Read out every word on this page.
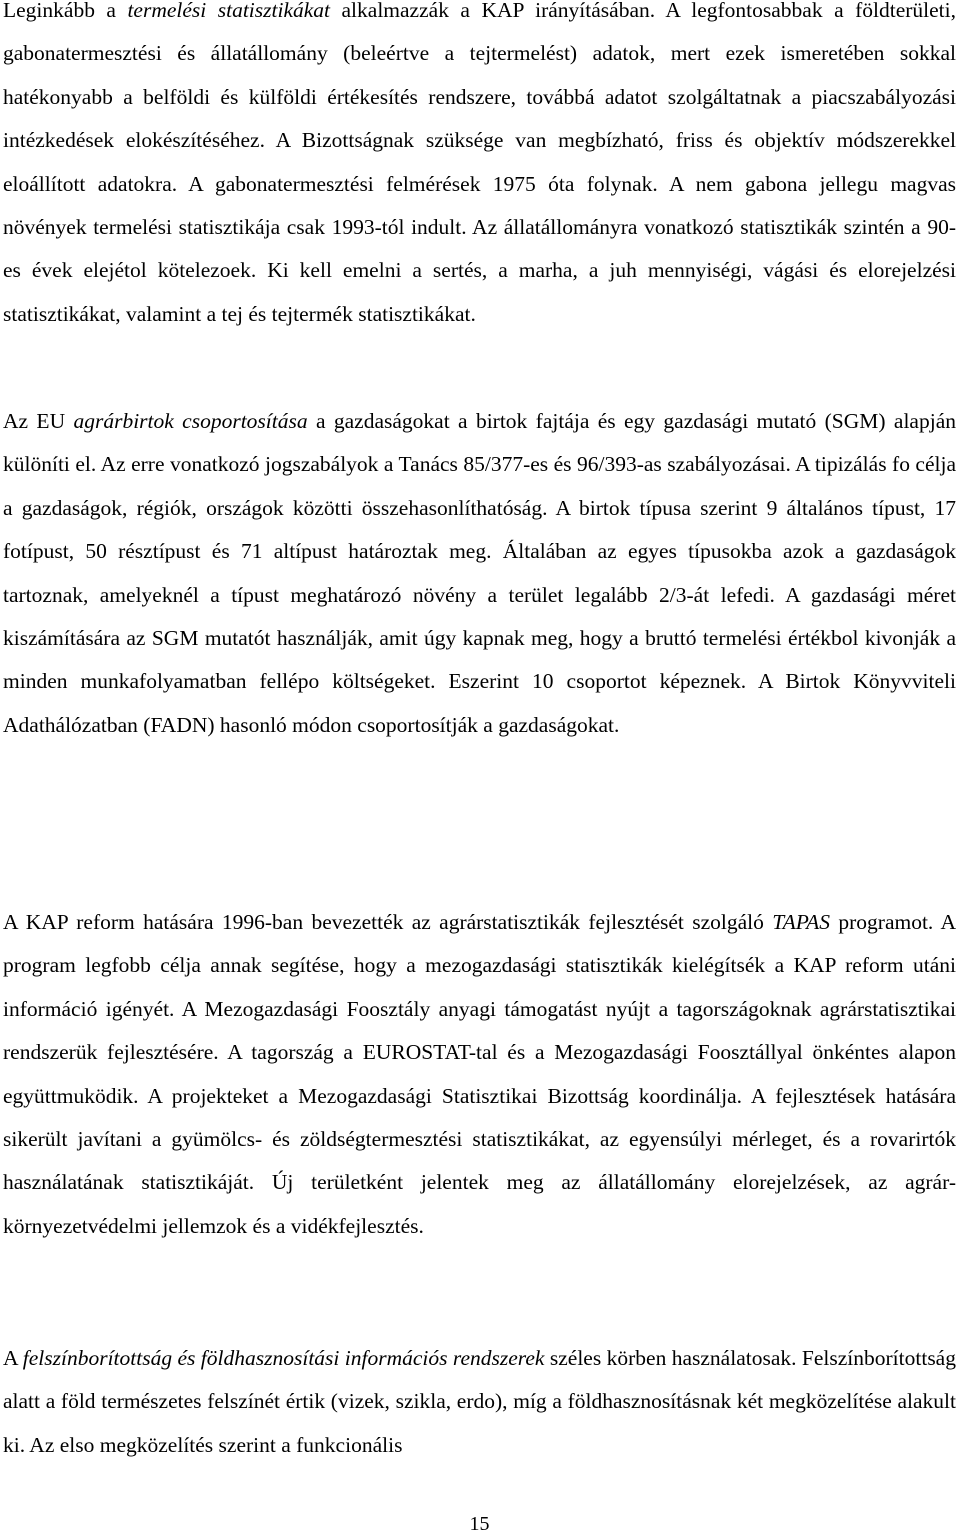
Leginkább a termelési statisztikákat alkalmazzák a KAP irányításában. A legfontosabbak a földterületi, gabonatermesztési és állatállomány (beleértve a tejtermelést) adatok, mert ezek ismeretében sokkal hatékonyabb a belföldi és külföldi értékesítés rendszere, továbbá adatot szolgáltatnak a piacszabályozási intézkedések elokészítéséhez. A Bizottságnak szüksége van megbízható, friss és objektív módszerekkel eloállított adatokra. A gabonatermesztési felmérések 1975 óta folynak. A nem gabona jellegu magvas növények termelési statisztikája csak 1993-tól indult. Az állatállományra vonatkozó statisztikák szintén a 90-es évek elejétol kötelezoek. Ki kell emelni a sertés, a marha, a juh mennyiségi, vágási és elorejelzési statisztikákat, valamint a tej és tejtermék statisztikákat.

Az EU agrárbirtok csoportosítása a gazdaságokat a birtok fajtája és egy gazdasági mutató (SGM) alapján különíti el. Az erre vonatkozó jogszabályok a Tanács 85/377-es és 96/393-as szabályozásai. A tipizálás fo célja a gazdaságok, régiók, országok közötti összehasonlíthatóság. A birtok típusa szerint 9 általános típust, 17 fotípust, 50 résztípust és 71 altípust határoztak meg. Általában az egyes típusokba azok a gazdaságok tartoznak, amelyeknél a típust meghatározó növény a terület legalább 2/3-át lefedi. A gazdasági méret kiszámítására az SGM mutatót használják, amit úgy kapnak meg, hogy a bruttó termelési értékbol kivonják a minden munkafolyamatban fellépo költségeket. Eszerint 10 csoportot képeznek. A Birtok Könyvviteli Adathálózatban (FADN) hasonló módon csoportosítják a gazdaságokat.

A KAP reform hatására 1996-ban bevezették az agrárstatisztikák fejlesztését szolgáló TAPAS programot. A program legfobb célja annak segítése, hogy a mezogazdasági statisztikák kielégítsék a KAP reform utáni információ igényét. A Mezogazdasági Foosztály anyagi támogatást nyújt a tagországoknak agrárstatisztikai rendszerük fejlesztésére. A tagország a EUROSTAT-tal és a Mezogazdasági Foosztállyal önkéntes alapon együttmuködik. A projekteket a Mezogazdasági Statisztikai Bizottság koordinálja. A fejlesztések hatására sikerült javítani a gyümölcs- és zöldségtermesztési statisztikákat, az egyensúlyi mérleget, és a rovarirtók használatának statisztikáját. Új területként jelentek meg az állatállomány elorejelzések, az agrár-környezetvédelmi jellemzok és a vidékfejlesztés.

A felszínborítottság és földhasznosítási információs rendszerek széles körben használatosak. Felszínborítottság alatt a föld természetes felszínét értik (vizek, szikla, erdo), míg a földhasznosításnak két megközelítése alakult ki. Az elso megközelítés szerint a funkcionális

15
